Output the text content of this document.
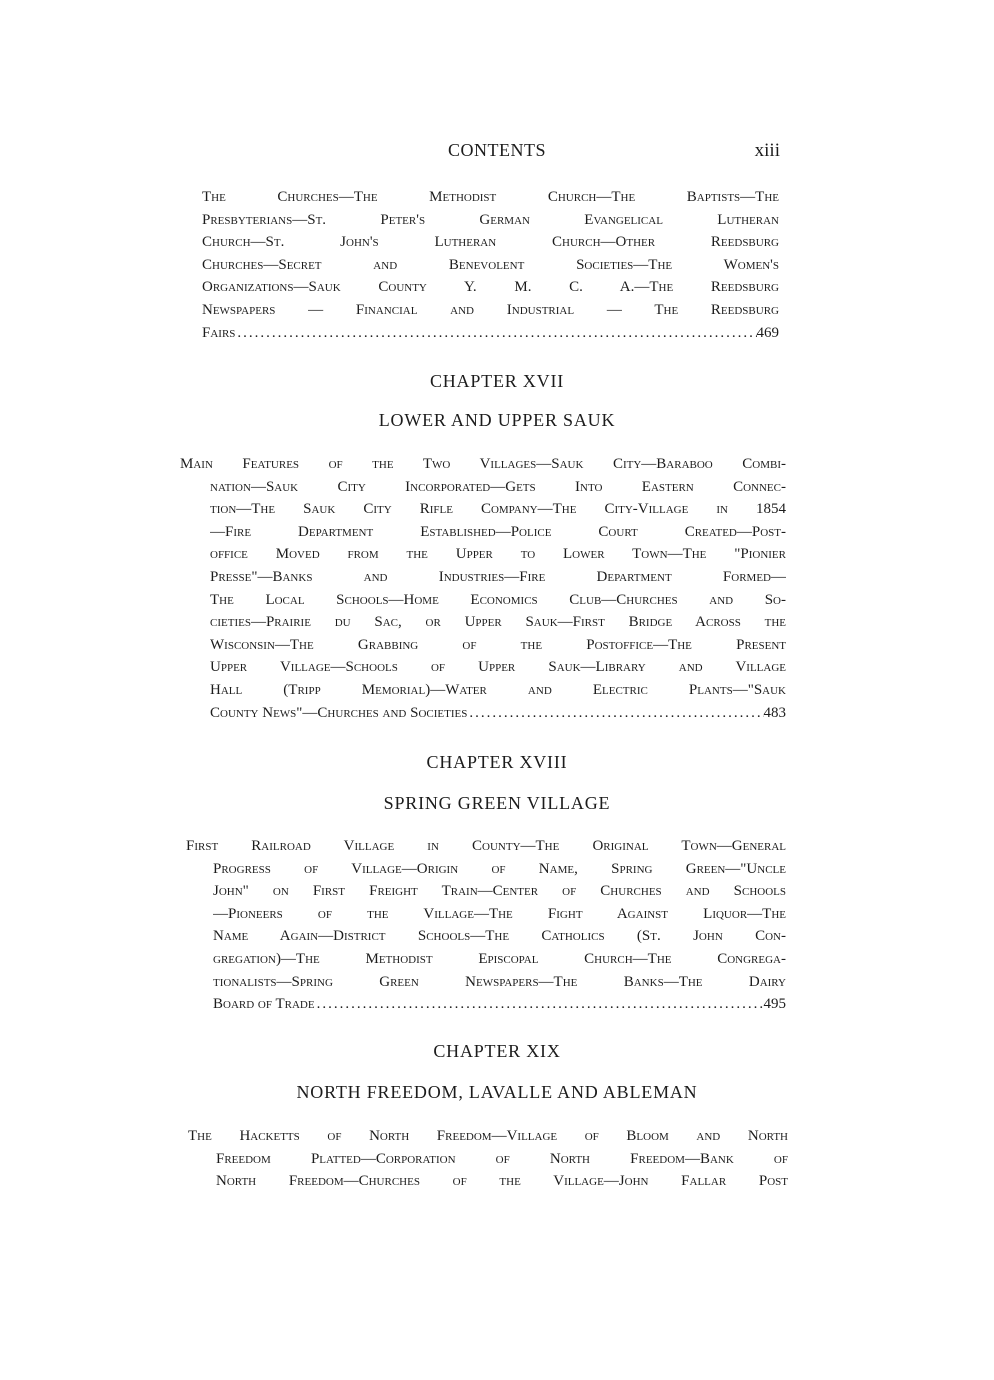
CONTENTS	xiii
The Churches—The Methodist Church—The Baptists—The
Presbyterians—St. Peter's German Evangelical Lutheran
Church—St. John's Lutheran Church—Other Reedsburg
Churches—Secret and Benevolent Societies—The Women's
Organizations—Sauk County Y. M. C. A.—The Reedsburg
Newspapers — Financial and Industrial — The Reedsburg
Fairs .....	469
CHAPTER XVII
LOWER AND UPPER SAUK
Main Features of the Two Villages—Sauk City—Baraboo Combi-
nation—Sauk City Incorporated—Gets Into Eastern Connec-
tion—The Sauk City Rifle Company—The City-Village in 1854
—Fire Department Established—Police Court Created—Post-
office Moved from the Upper to Lower Town—The "Pionier
Presse"—Banks and Industries—Fire Department Formed—
The Local Schools—Home Economics Club—Churches and So-
cieties—Prairie du Sac, or Upper Sauk—First Bridge Across the
Wisconsin—The Grabbing of the Postoffice—The Present
Upper Village—Schools of Upper Sauk—Library and Village
Hall (Tripp Memorial)—Water and Electric Plants—"Sauk
County News"—Churches and Societies .....	483
CHAPTER XVIII
SPRING GREEN VILLAGE
First Railroad Village in County—The Original Town—General
Progress of Village—Origin of Name, Spring Green—"Uncle
John" on First Freight Train—Center of Churches and Schools
—Pioneers of the Village—The Fight Against Liquor—The
Name Again—District Schools—The Catholics (St. John Con-
gregation)—The Methodist Episcopal Church—The Congrega-
tionalists—Spring Green Newspapers—The Banks—The Dairy
Board of Trade .....	495
CHAPTER XIX
NORTH FREEDOM, LAVALLE AND ABLEMAN
The Hacketts of North Freedom—Village of Bloom and North
Freedom Platted—Corporation of North Freedom—Bank of
North Freedom—Churches of the Village—John Fallar Post
